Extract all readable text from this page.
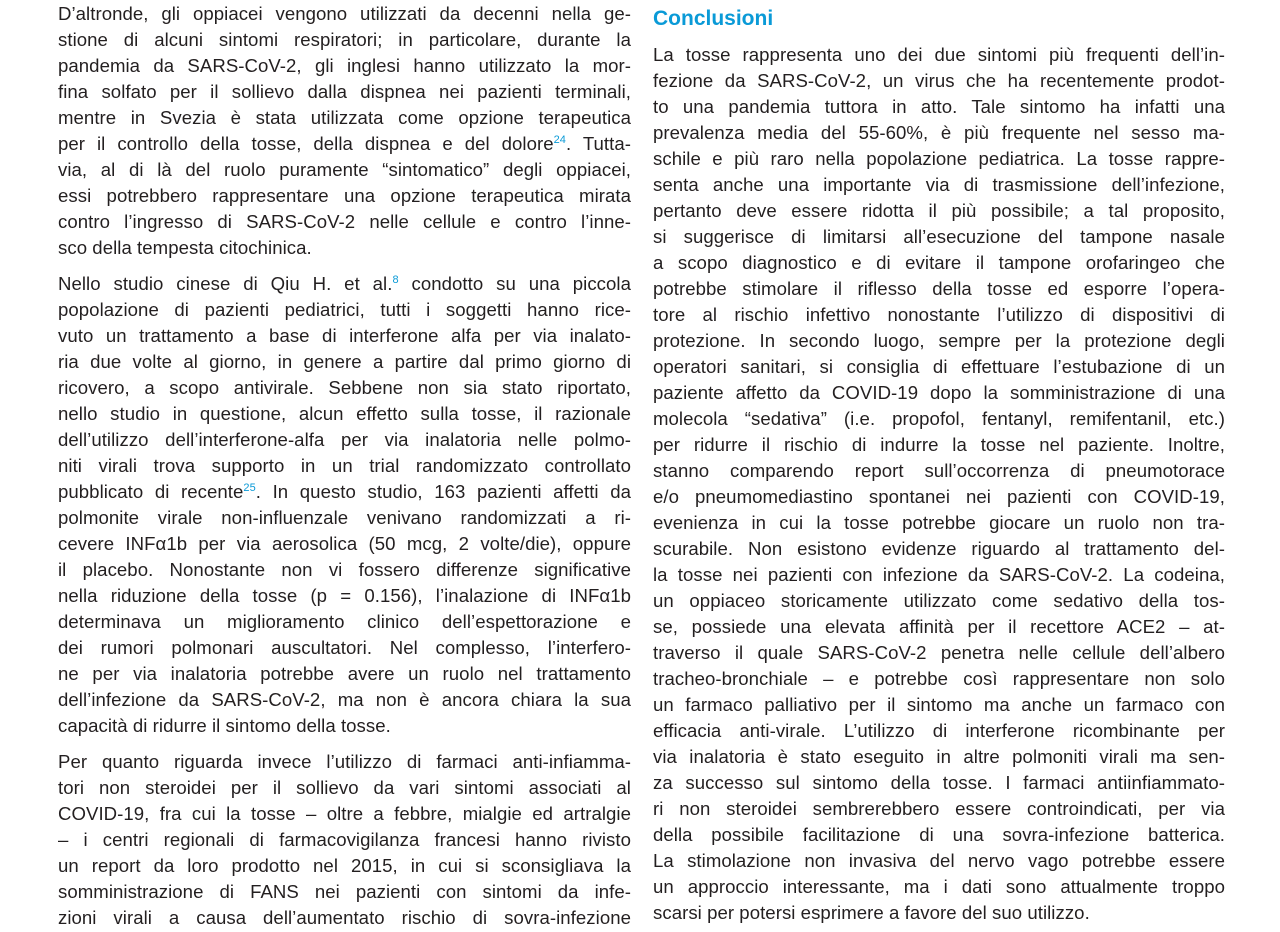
D’altronde, gli oppiacei vengono utilizzati da decenni nella ge-
stione di alcuni sintomi respiratori; in particolare, durante la
pandemia da SARS-CoV-2, gli inglesi hanno utilizzato la mor-
fina solfato per il sollievo dalla dispnea nei pazienti terminali,
mentre in Svezia è stata utilizzata come opzione terapeutica
per il controllo della tosse, della dispnea e del dolore$^{24}$. Tutta-
via, al di là del ruolo puramente “sintomatico” degli oppiacei,
essi potrebbero rappresentare una opzione terapeutica mirata
contro l’ingresso di SARS-CoV-2 nelle cellule e contro l’inne-
sco della tempesta citochinica.
Nello studio cinese di Qiu H. et al.$^8$ condotto su una piccola
popolazione di pazienti pediatrici, tutti i soggetti hanno rice-
vuto un trattamento a base di interferone alfa per via inalato-
ria due volte al giorno, in genere a partire dal primo giorno di
ricovero, a scopo antivirale. Sebbene non sia stato riportato,
nello studio in questione, alcun effetto sulla tosse, il razionale
dell’utilizzo dell’interferone-alfa per via inalatoria nelle polmo-
niti virali trova supporto in un trial randomizzato controllato
pubblicato di recente$^{25}$. In questo studio, 163 pazienti affetti da
polmonite virale non-influenzale venivano randomizzati a ri-
cevere INFα1b per via aerosolica (50 mcg, 2 volte/die), oppure
il placebo. Nonostante non vi fossero differenze significative
nella riduzione della tosse (p = 0.156), l’inalazione di INFα1b
determinava un miglioramento clinico dell’espettorazione e
dei rumori polmonari auscultatori. Nel complesso, l’interfero-
ne per via inalatoria potrebbe avere un ruolo nel trattamento
dell’infezione da SARS-CoV-2, ma non è ancora chiara la sua
capacità di ridurre il sintomo della tosse.
Per quanto riguarda invece l’utilizzo di farmaci anti-infiamma-
tori non steroidei per il sollievo da vari sintomi associati al
COVID-19, fra cui la tosse – oltre a febbre, mialgie ed artralgie
– i centri regionali di farmacovigilanza francesi hanno rivisto
un report da loro prodotto nel 2015, in cui si sconsigliava la
somministrazione di FANS nei pazienti con sintomi da infe-
zioni virali a causa dell’aumentato rischio di sovra-infezione
Conclusioni
La tosse rappresenta uno dei due sintomi più frequenti dell’in-
fezione da SARS-CoV-2, un virus che ha recentemente prodot-
to una pandemia tuttora in atto. Tale sintomo ha infatti una
prevalenza media del 55-60%, è più frequente nel sesso ma-
schile e più raro nella popolazione pediatrica. La tosse rappre-
senta anche una importante via di trasmissione dell’infezione,
pertanto deve essere ridotta il più possibile; a tal proposito,
si suggerisce di limitarsi all’esecuzione del tampone nasale
a scopo diagnostico e di evitare il tampone orofaringeo che
potrebbe stimolare il riflesso della tosse ed esporre l’opera-
tore al rischio infettivo nonostante l’utilizzo di dispositivi di
protezione. In secondo luogo, sempre per la protezione degli
operatori sanitari, si consiglia di effettuare l’estubazione di un
paziente affetto da COVID-19 dopo la somministrazione di una
molecola “sedativa” (i.e. propofol, fentanyl, remifentanil, etc.)
per ridurre il rischio di indurre la tosse nel paziente. Inoltre,
stanno comparendo report sull’occorrenza di pneumotorace
e/o pneumomediastino spontanei nei pazienti con COVID-19,
evenienza in cui la tosse potrebbe giocare un ruolo non tra-
scurabile. Non esistono evidenze riguardo al trattamento del-
la tosse nei pazienti con infezione da SARS-CoV-2. La codeina,
un oppiaceo storicamente utilizzato come sedativo della tos-
se, possiede una elevata affinità per il recettore ACE2 – at-
traverso il quale SARS-CoV-2 penetra nelle cellule dell’albero
tracheo-bronchiale – e potrebbe così rappresentare non solo
un farmaco palliativo per il sintomo ma anche un farmaco con
efficacia anti-virale. L’utilizzo di interferone ricombinante per
via inalatoria è stato eseguito in altre polmoniti virali ma sen-
za successo sul sintomo della tosse. I farmaci antiinfiammato-
ri non steroidei sembrerebbero essere controindicati, per via
della possibile facilitazione di una sovra-infezione batterica.
La stimolazione non invasiva del nervo vago potrebbe essere
un approccio interessante, ma i dati sono attualmente troppo
scarsi per potersi esprimere a favore del suo utilizzo.
